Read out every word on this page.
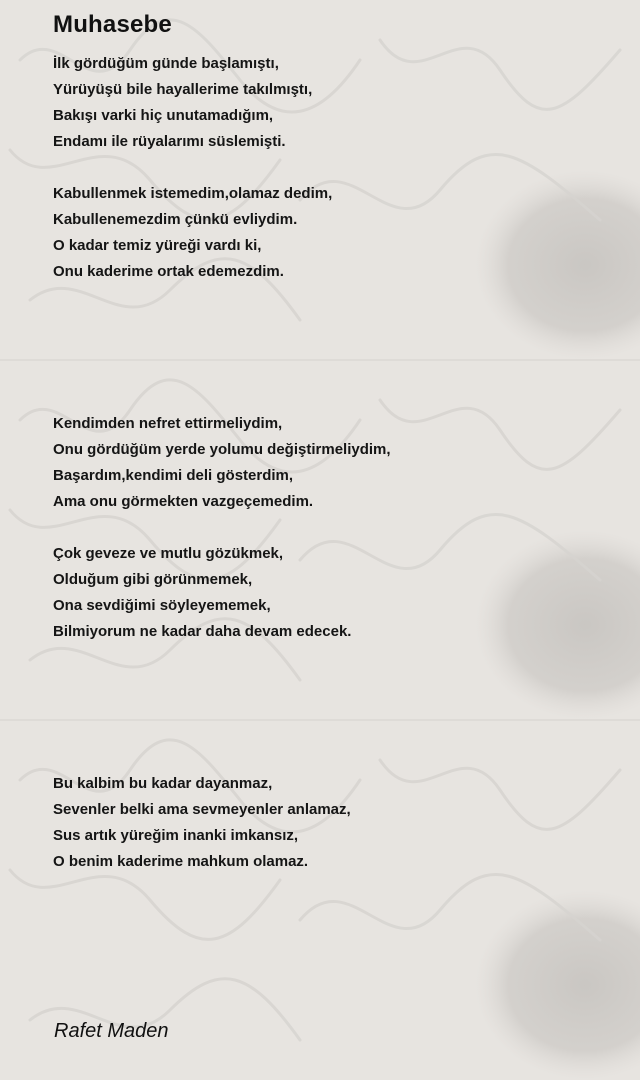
Muhasebe
İlk gördüğüm günde başlamıştı,
Yürüyüşü bile hayallerime takılmıştı,
Bakışı varki hiç unutamadığım,
Endamı ile rüyalarımı süslemişti.
Kabullenmek istemedim,olamaz dedim,
Kabullenemezdim çünkü evliydim.
O kadar temiz yüreği vardı ki,
Onu kaderime ortak edemezdim.
Kendimden nefret ettirmeliydim,
Onu gördüğüm yerde yolumu değiştirmeliydim,
Başardım,kendimi deli gösterdim,
Ama onu görmekten vazgeçemedim.
Çok geveze ve mutlu gözükmek,
Olduğum gibi görünmemek,
Ona sevdiğimi söyleyememek,
Bilmiyorum ne kadar daha devam edecek.
Bu kalbim bu kadar dayanmaz,
Sevenler belki ama sevmeyenler anlamaz,
Sus artık yüreğim inanki imkansız,
O benim kaderime mahkum olamaz.
Rafet Maden
